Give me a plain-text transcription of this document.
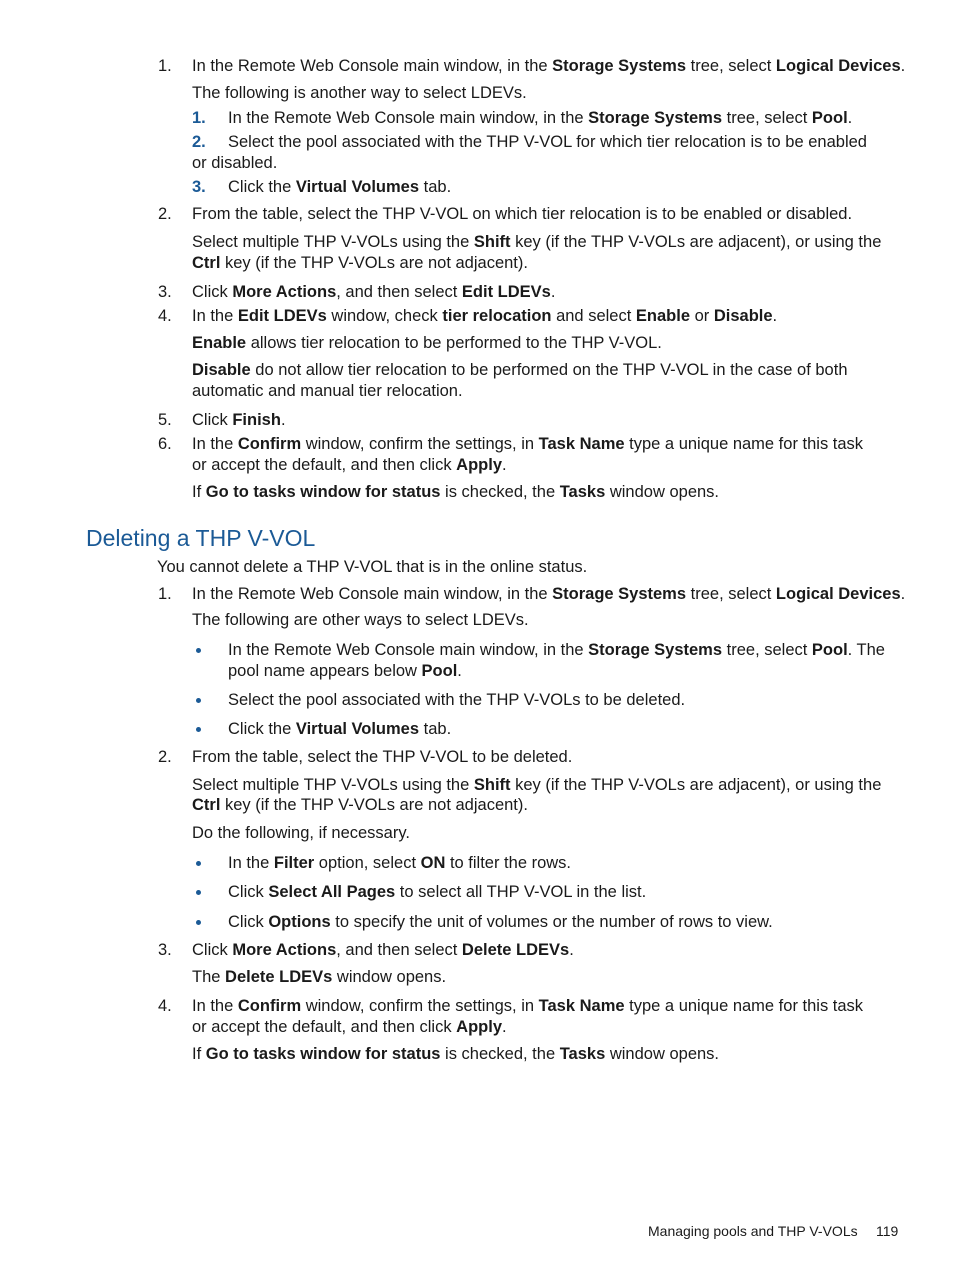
Deleting a THP V-VOL
You cannot delete a THP V-VOL that is in the online status.
Managing pools and THP V-VOLs 119
1. In the Remote Web Console main window, in the Storage Systems tree, select Logical Devices.
The following is another way to select LDEVs.
1. In the Remote Web Console main window, in the Storage Systems tree, select Pool.
2. Select the pool associated with the THP V-VOL for which tier relocation is to be enabled
or disabled.
3. Click the Virtual Volumes tab.
2. From the table, select the THP V-VOL on which tier relocation is to be enabled or disabled.
Select multiple THP V-VOLs using the Shift key (if the THP V-VOLs are adjacent), or using the
Ctrl key (if the THP V-VOLs are not adjacent).
3. Click More Actions, and then select Edit LDEVs.
4. In the Edit LDEVs window, check tier relocation and select Enable or Disable.
Enable allows tier relocation to be performed to the THP V-VOL.
Disable do not allow tier relocation to be performed on the THP V-VOL in the case of both
automatic and manual tier relocation.
5. Click Finish.
6. In the Confirm window, confirm the settings, in Task Name type a unique name for this task
or accept the default, and then click Apply.
If Go to tasks window for status is checked, the Tasks window opens.
1. In the Remote Web Console main window, in the Storage Systems tree, select Logical Devices.
The following are other ways to select LDEVs.
In the Remote Web Console main window, in the Storage Systems tree, select Pool. The
pool name appears below Pool.
Select the pool associated with the THP V-VOLs to be deleted.
Click the Virtual Volumes tab.
2. From the table, select the THP V-VOL to be deleted.
Select multiple THP V-VOLs using the Shift key (if the THP V-VOLs are adjacent), or using the
Ctrl key (if the THP V-VOLs are not adjacent).
Do the following, if necessary.
In the Filter option, select ON to filter the rows.
Click Select All Pages to select all THP V-VOL in the list.
Click Options to specify the unit of volumes or the number of rows to view.
3. Click More Actions, and then select Delete LDEVs.
The Delete LDEVs window opens.
4. In the Confirm window, confirm the settings, in Task Name type a unique name for this task
or accept the default, and then click Apply.
If Go to tasks window for status is checked, the Tasks window opens.
